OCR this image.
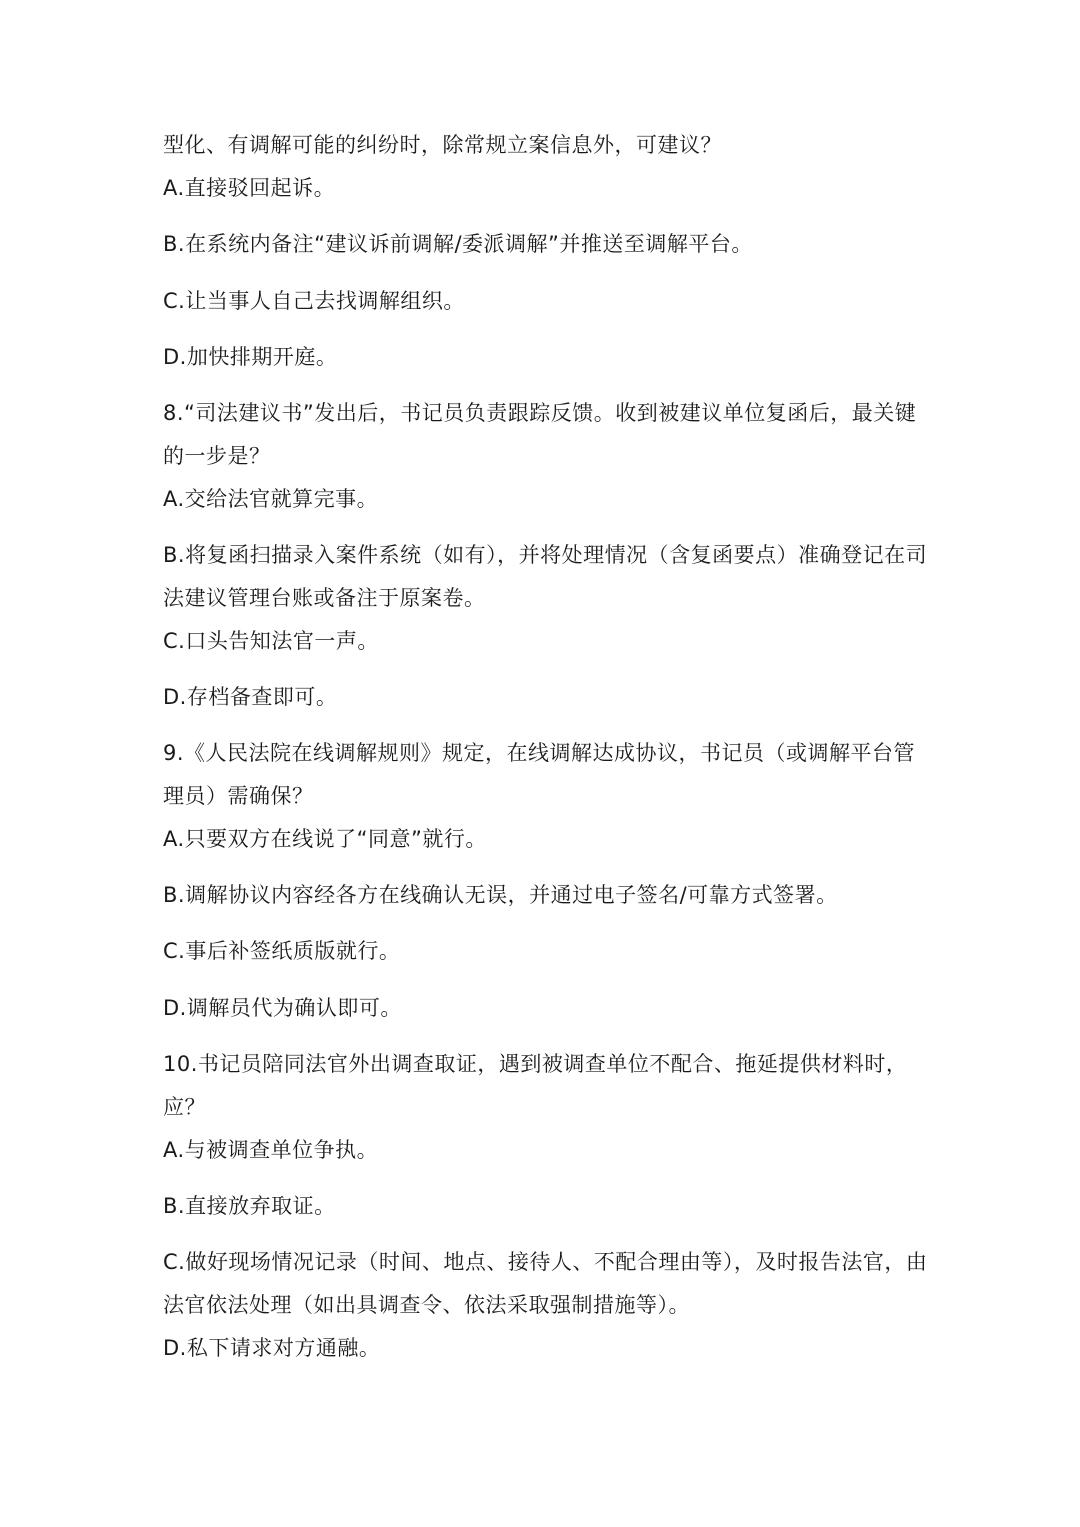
型化、有调解可能的纠纷时，除常规立案信息外，可建议？
A.直接驳回起诉。
B.在系统内备注“建议诉前调解/委派调解”并推送至调解平台。
C.让当事人自己去找调解组织。
D.加快排期开庭。
8.“司法建议书”发出后，书记员负责跟踪反馈。收到被建议单位复函后，最关键
的一步是？
A.交给法官就算完事。
B.将复函扫描录入案件系统（如有），并将处理情况（含复函要点）准确登记在司
法建议管理台账或备注于原案卷。
C.口头告知法官一声。
D.存档备查即可。
9.《人民法院在线调解规则》规定，在线调解达成协议，书记员（或调解平台管
理员）需确保？
A.只要双方在线说了“同意”就行。
B.调解协议内容经各方在线确认无误，并通过电子签名/可靠方式签署。
C.事后补签纸质版就行。
D.调解员代为确认即可。
10.书记员陪同法官外出调查取证，遇到被调查单位不配合、拖延提供材料时，
应？
A.与被调查单位争执。
B.直接放弃取证。
C.做好现场情况记录（时间、地点、接待人、不配合理由等），及时报告法官，由
法官依法处理（如出具调查令、依法采取强制措施等）。
D.私下请求对方通融。
